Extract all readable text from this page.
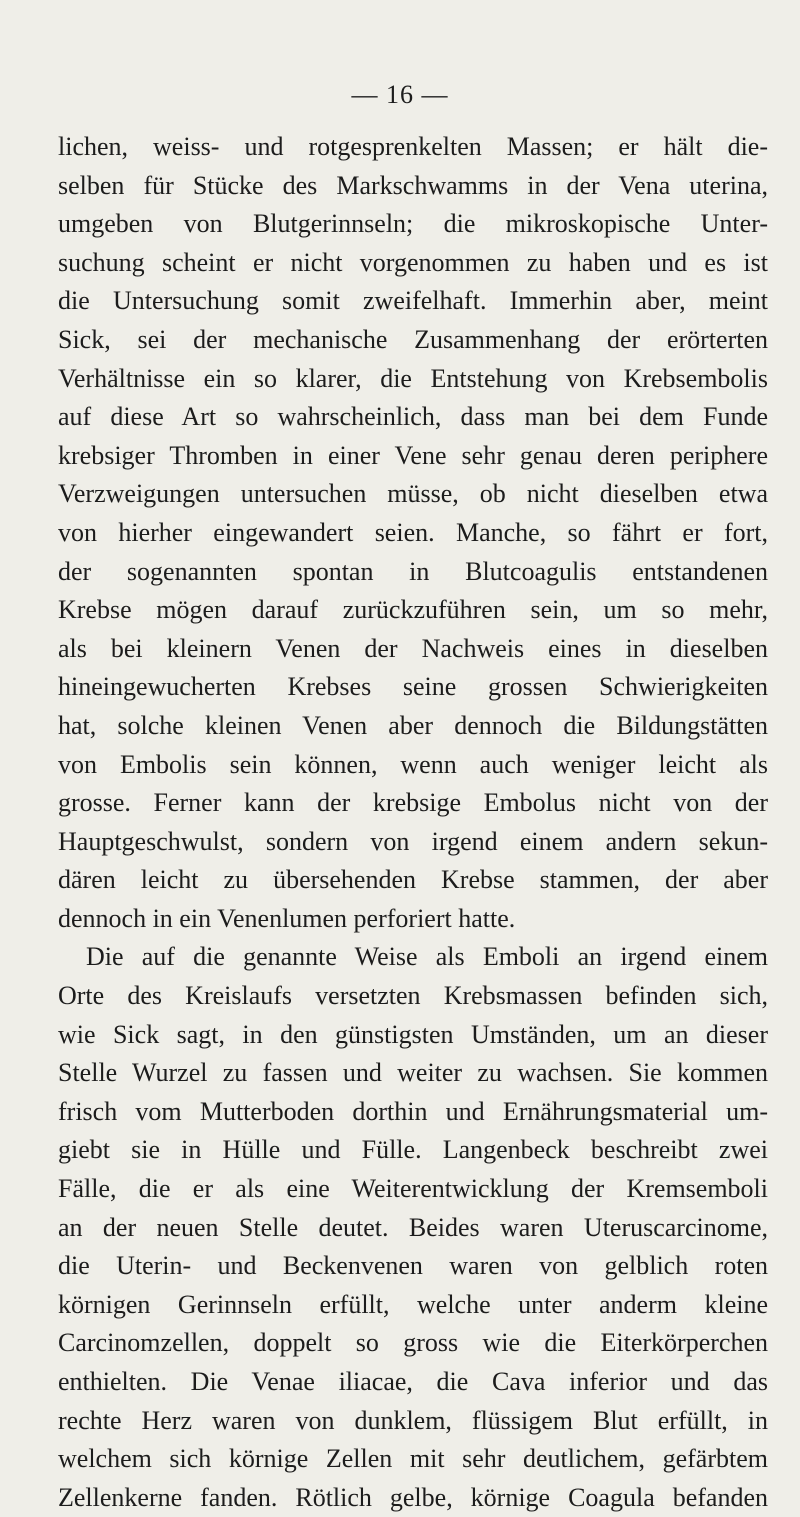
— 16 —
lichen, weiss- und rotgesprenkelten Massen; er hält die-
selben für Stücke des Markschwamms in der Vena uterina,
umgeben von Blutgerinnseln; die mikroskopische Unter-
suchung scheint er nicht vorgenommen zu haben und es ist
die Untersuchung somit zweifelhaft. Immerhin aber, meint
Sick, sei der mechanische Zusammenhang der erörterten
Verhältnisse ein so klarer, die Entstehung von Krebsembolis
auf diese Art so wahrscheinlich, dass man bei dem Funde
krebsiger Thromben in einer Vene sehr genau deren periphere
Verzweigungen untersuchen müsse, ob nicht dieselben etwa
von hierher eingewandert seien. Manche, so fährt er fort,
der sogenannten spontan in Blutcoagulis entstandenen
Krebse mögen darauf zurückzuführen sein, um so mehr,
als bei kleinern Venen der Nachweis eines in dieselben
hineingewucherten Krebses seine grossen Schwierigkeiten
hat, solche kleinen Venen aber dennoch die Bildungstätten
von Embolis sein können, wenn auch weniger leicht als
grosse. Ferner kann der krebsige Embolus nicht von der
Hauptgeschwulst, sondern von irgend einem andern sekun-
dären leicht zu übersehenden Krebse stammen, der aber
dennoch in ein Venenlumen perforiert hatte.
Die auf die genannte Weise als Emboli an irgend einem
Orte des Kreislaufs versetzten Krebsmassen befinden sich,
wie Sick sagt, in den günstigsten Umständen, um an dieser
Stelle Wurzel zu fassen und weiter zu wachsen. Sie kommen
frisch vom Mutterboden dorthin und Ernährungsmaterial um-
giebt sie in Hülle und Fülle. Langenbeck beschreibt zwei
Fälle, die er als eine Weiterentwicklung der Kremsemboli
an der neuen Stelle deutet. Beides waren Uteruscarcinome,
die Uterin- und Beckenvenen waren von gelblich roten
körnigen Gerinnseln erfüllt, welche unter anderm kleine
Carcinomzellen, doppelt so gross wie die Eiterkörperchen
enthielten. Die Venae iliacae, die Cava inferior und das
rechte Herz waren von dunklem, flüssigem Blut erfüllt, in
welchem sich körnige Zellen mit sehr deutlichem, gefärbtem
Zellenkerne fanden. Rötlich gelbe, körnige Coagula befanden
